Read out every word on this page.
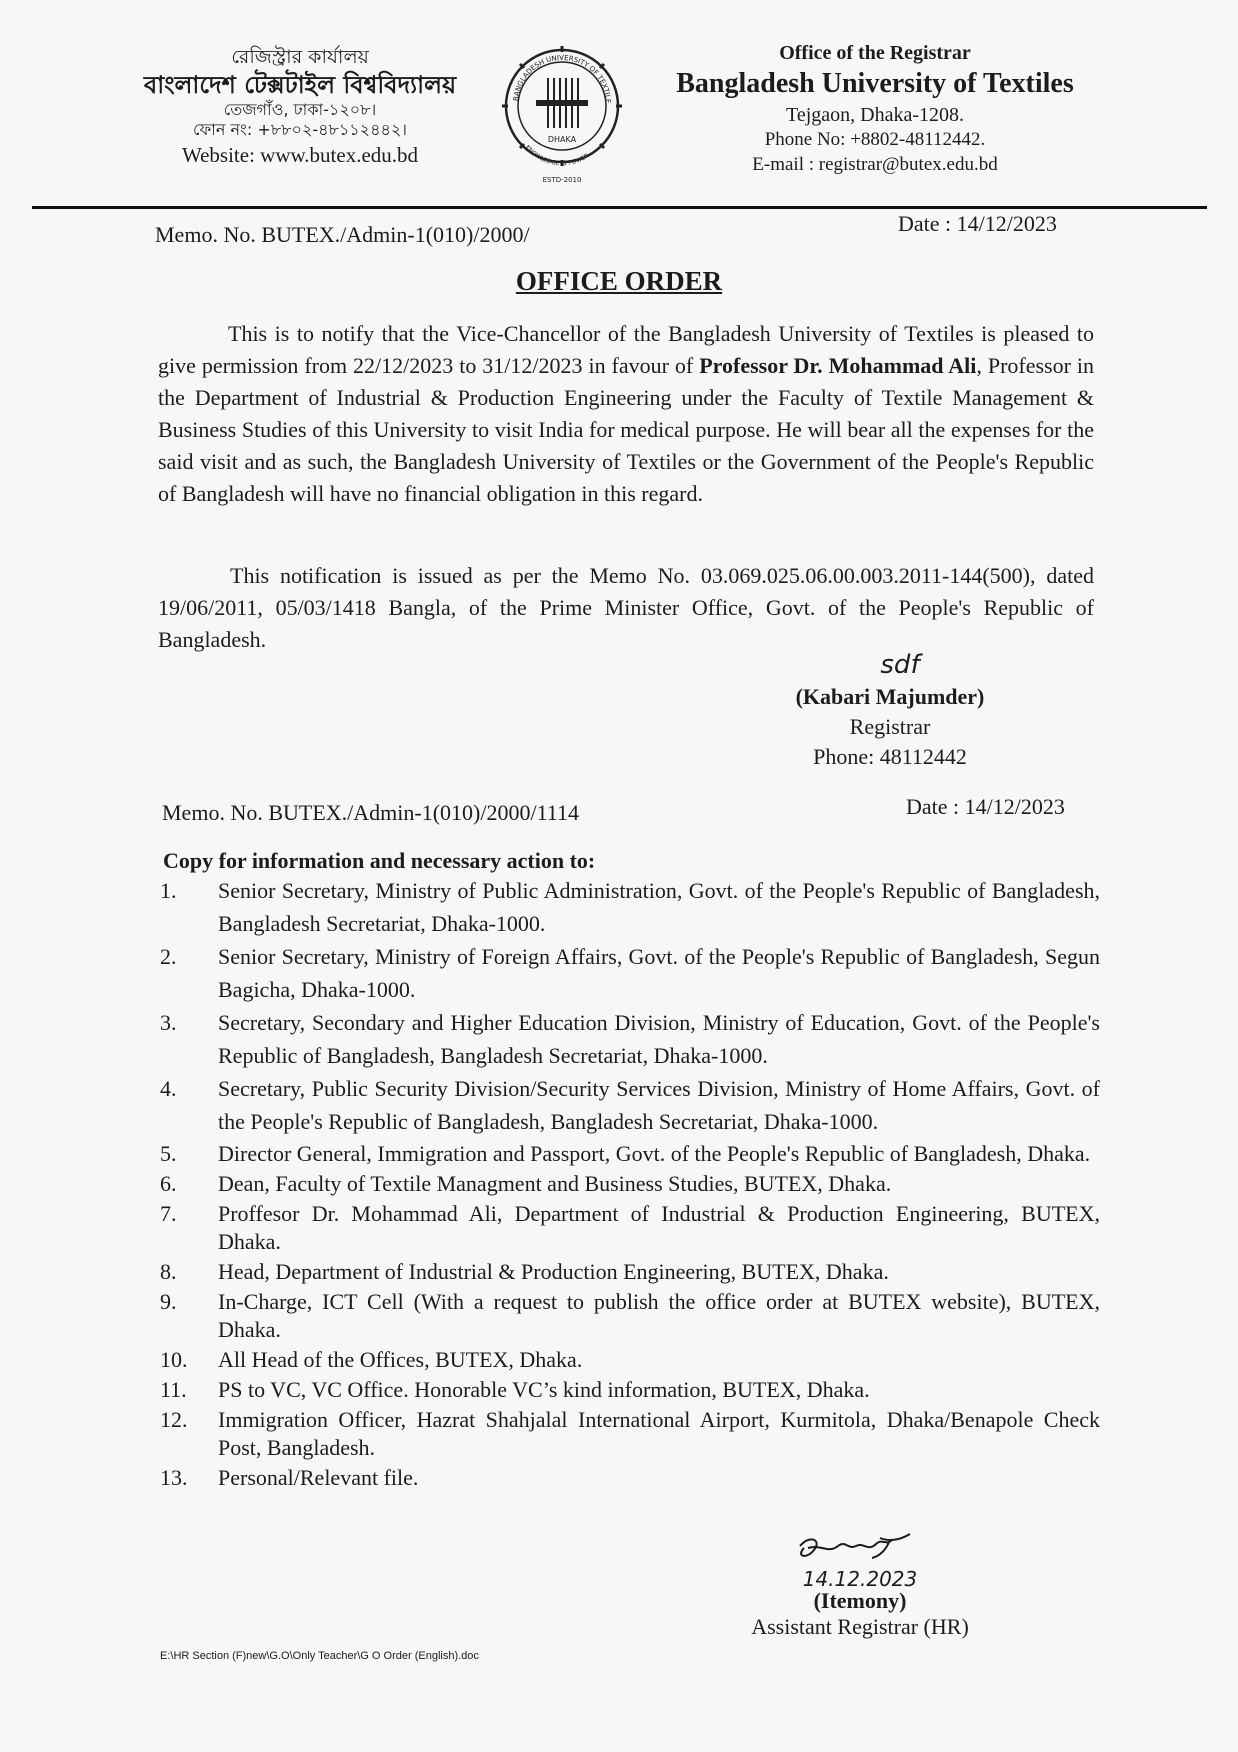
রেজিস্ট্রার কার্যালয়
বাংলাদেশ টেক্সটাইল বিশ্ববিদ্যালয়
তেজগাঁও, ঢাকা-১২০৮।
ফোন নং: +৮৮০২-৪৮১১২৪৪২।
Website: www.butex.edu.bd
BANGLADESH UNIVERSITY OF TEXTILE
DHAKA
KNOWLEDGE IS POWER
ESTD-2010
Office of the Registrar
Bangladesh University of Textiles
Tejgaon, Dhaka-1208.
Phone No: +8802-48112442.
E-mail : registrar@butex.edu.bd
Memo. No. BUTEX./Admin-1(010)/2000/	Date : 14/12/2023
OFFICE ORDER

This is to notify that the Vice-Chancellor of the Bangladesh University of Textiles is pleased to give permission from 22/12/2023 to 31/12/2023 in favour of Professor Dr. Mohammad Ali, Professor in the Department of Industrial & Production Engineering under the Faculty of Textile Management & Business Studies of this University to visit India for medical purpose. He will bear all the expenses for the said visit and as such, the Bangladesh University of Textiles or the Government of the People's Republic of Bangladesh will have no financial obligation in this regard.

This notification is issued as per the Memo No. 03.069.025.06.00.003.2011-144(500), dated 19/06/2011, 05/03/1418 Bangla, of the Prime Minister Office, Govt. of the People's Republic of Bangladesh.

sdf
(Kabari Majumder)
Registrar
Phone: 48112442
Memo. No. BUTEX./Admin-1(010)/2000/1114	Date : 14/12/2023
Copy for information and necessary action to:
1.	Senior Secretary, Ministry of Public Administration, Govt. of the People's Republic of Bangladesh, Bangladesh Secretariat, Dhaka-1000.
2.	Senior Secretary, Ministry of Foreign Affairs, Govt. of the People's Republic of Bangladesh, Segun Bagicha, Dhaka-1000.
3.	Secretary, Secondary and Higher Education Division, Ministry of Education, Govt. of the People's Republic of Bangladesh, Bangladesh Secretariat, Dhaka-1000.
4.	Secretary, Public Security Division/Security Services Division, Ministry of Home Affairs, Govt. of the People's Republic of Bangladesh, Bangladesh Secretariat, Dhaka-1000.
5.	Director General, Immigration and Passport, Govt. of the People's Republic of Bangladesh, Dhaka.
6.	Dean, Faculty of Textile Managment and Business Studies, BUTEX, Dhaka.
7.	Proffesor Dr. Mohammad Ali, Department of Industrial & Production Engineering, BUTEX, Dhaka.
8.	Head, Department of Industrial & Production Engineering, BUTEX, Dhaka.
9.	In-Charge, ICT Cell (With a request to publish the office order at BUTEX website), BUTEX, Dhaka.
10.	All Head of the Offices, BUTEX, Dhaka.
11.	PS to VC, VC Office. Honorable VC’s kind information, BUTEX, Dhaka.
12.	Immigration Officer, Hazrat Shahjalal International Airport, Kurmitola, Dhaka/Benapole Check Post, Bangladesh.
13.	Personal/Relevant file.
14.12.2023
(Itemony)
Assistant Registrar (HR)
E:\HR Section (F)new\G.O\Only Teacher\G O Order (English).doc
